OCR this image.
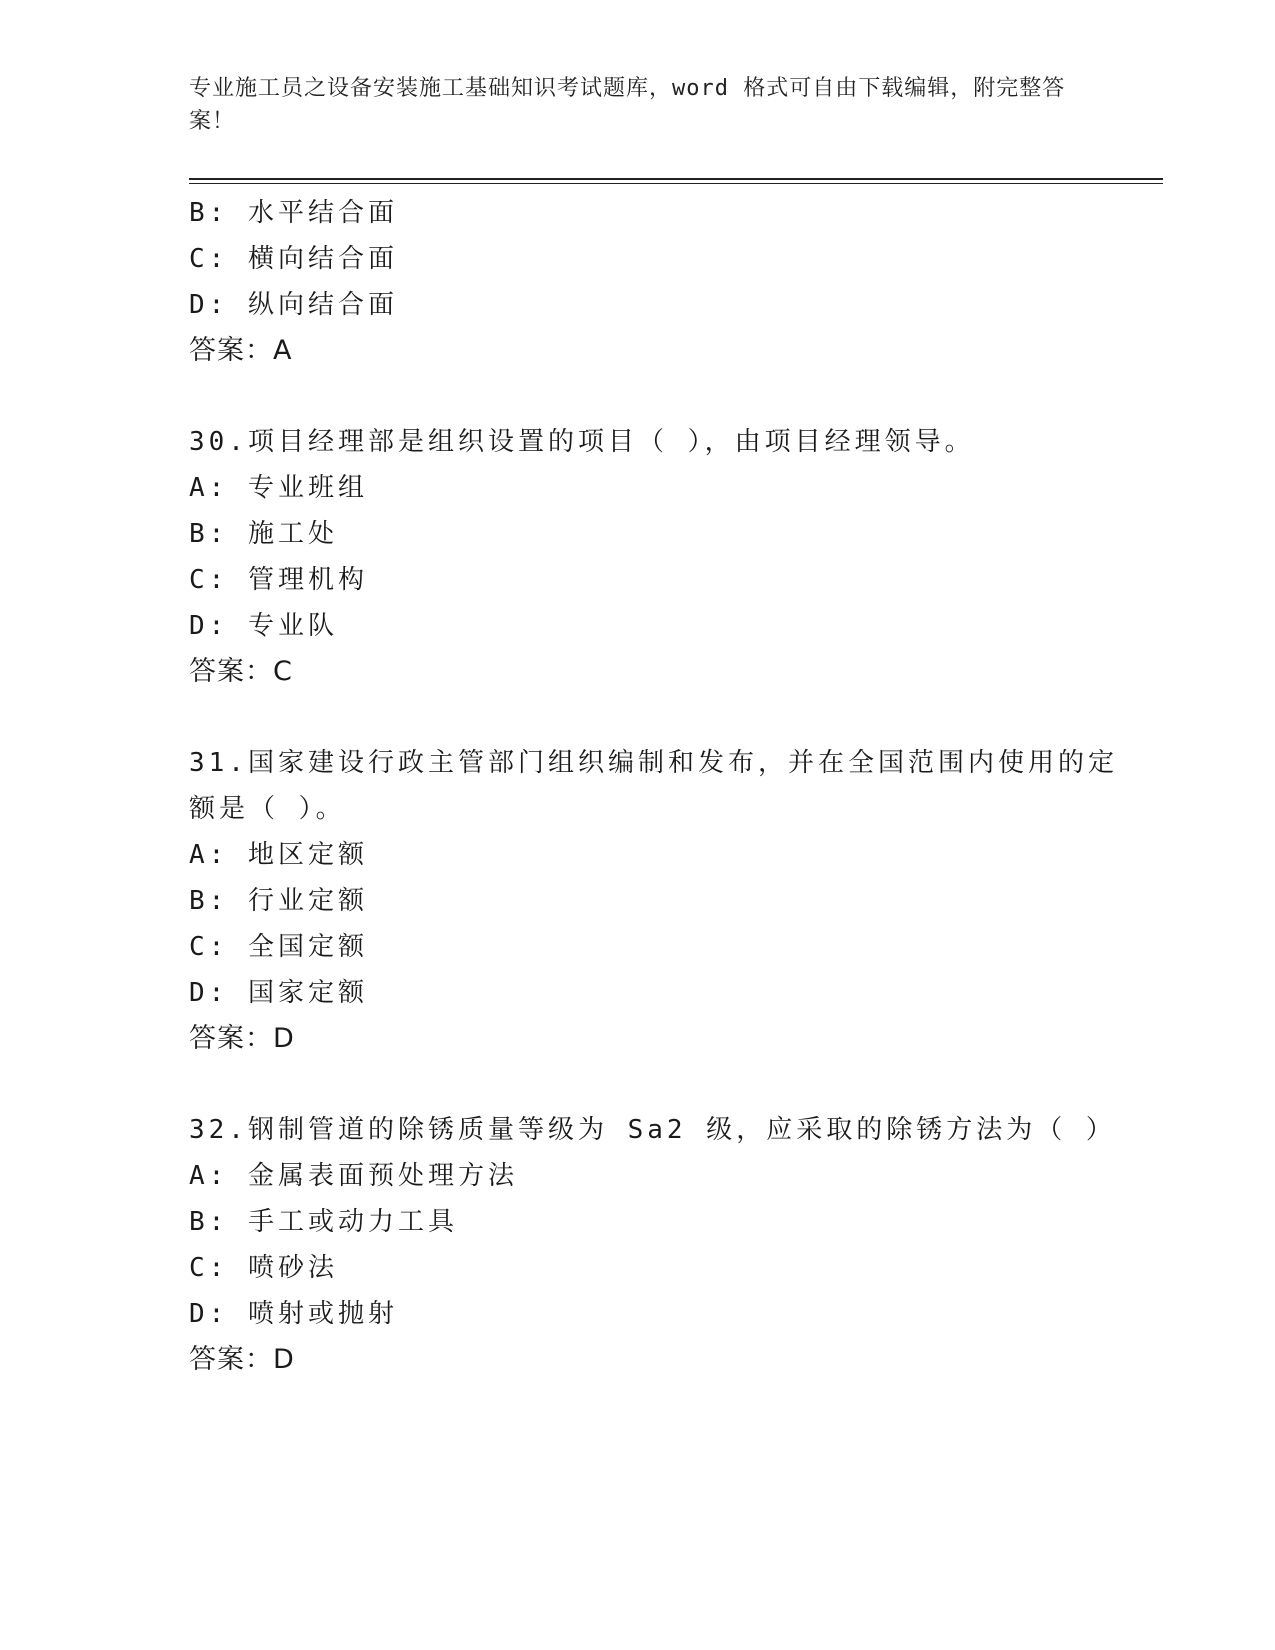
专业施工员之设备安装施工基础知识考试题库，word 格式可自由下载编辑，附完整答案！
B: 水平结合面
C: 横向结合面
D: 纵向结合面
答案：A
30.项目经理部是组织设置的项目（ ），由项目经理领导。
A: 专业班组
B: 施工处
C: 管理机构
D: 专业队
答案：C
31.国家建设行政主管部门组织编制和发布，并在全国范围内使用的定
额是（ ）。
A: 地区定额
B: 行业定额
C: 全国定额
D: 国家定额
答案：D
32.钢制管道的除锈质量等级为 Sa2 级，应采取的除锈方法为（ ）
A: 金属表面预处理方法
B: 手工或动力工具
C: 喷砂法
D: 喷射或抛射
答案：D
